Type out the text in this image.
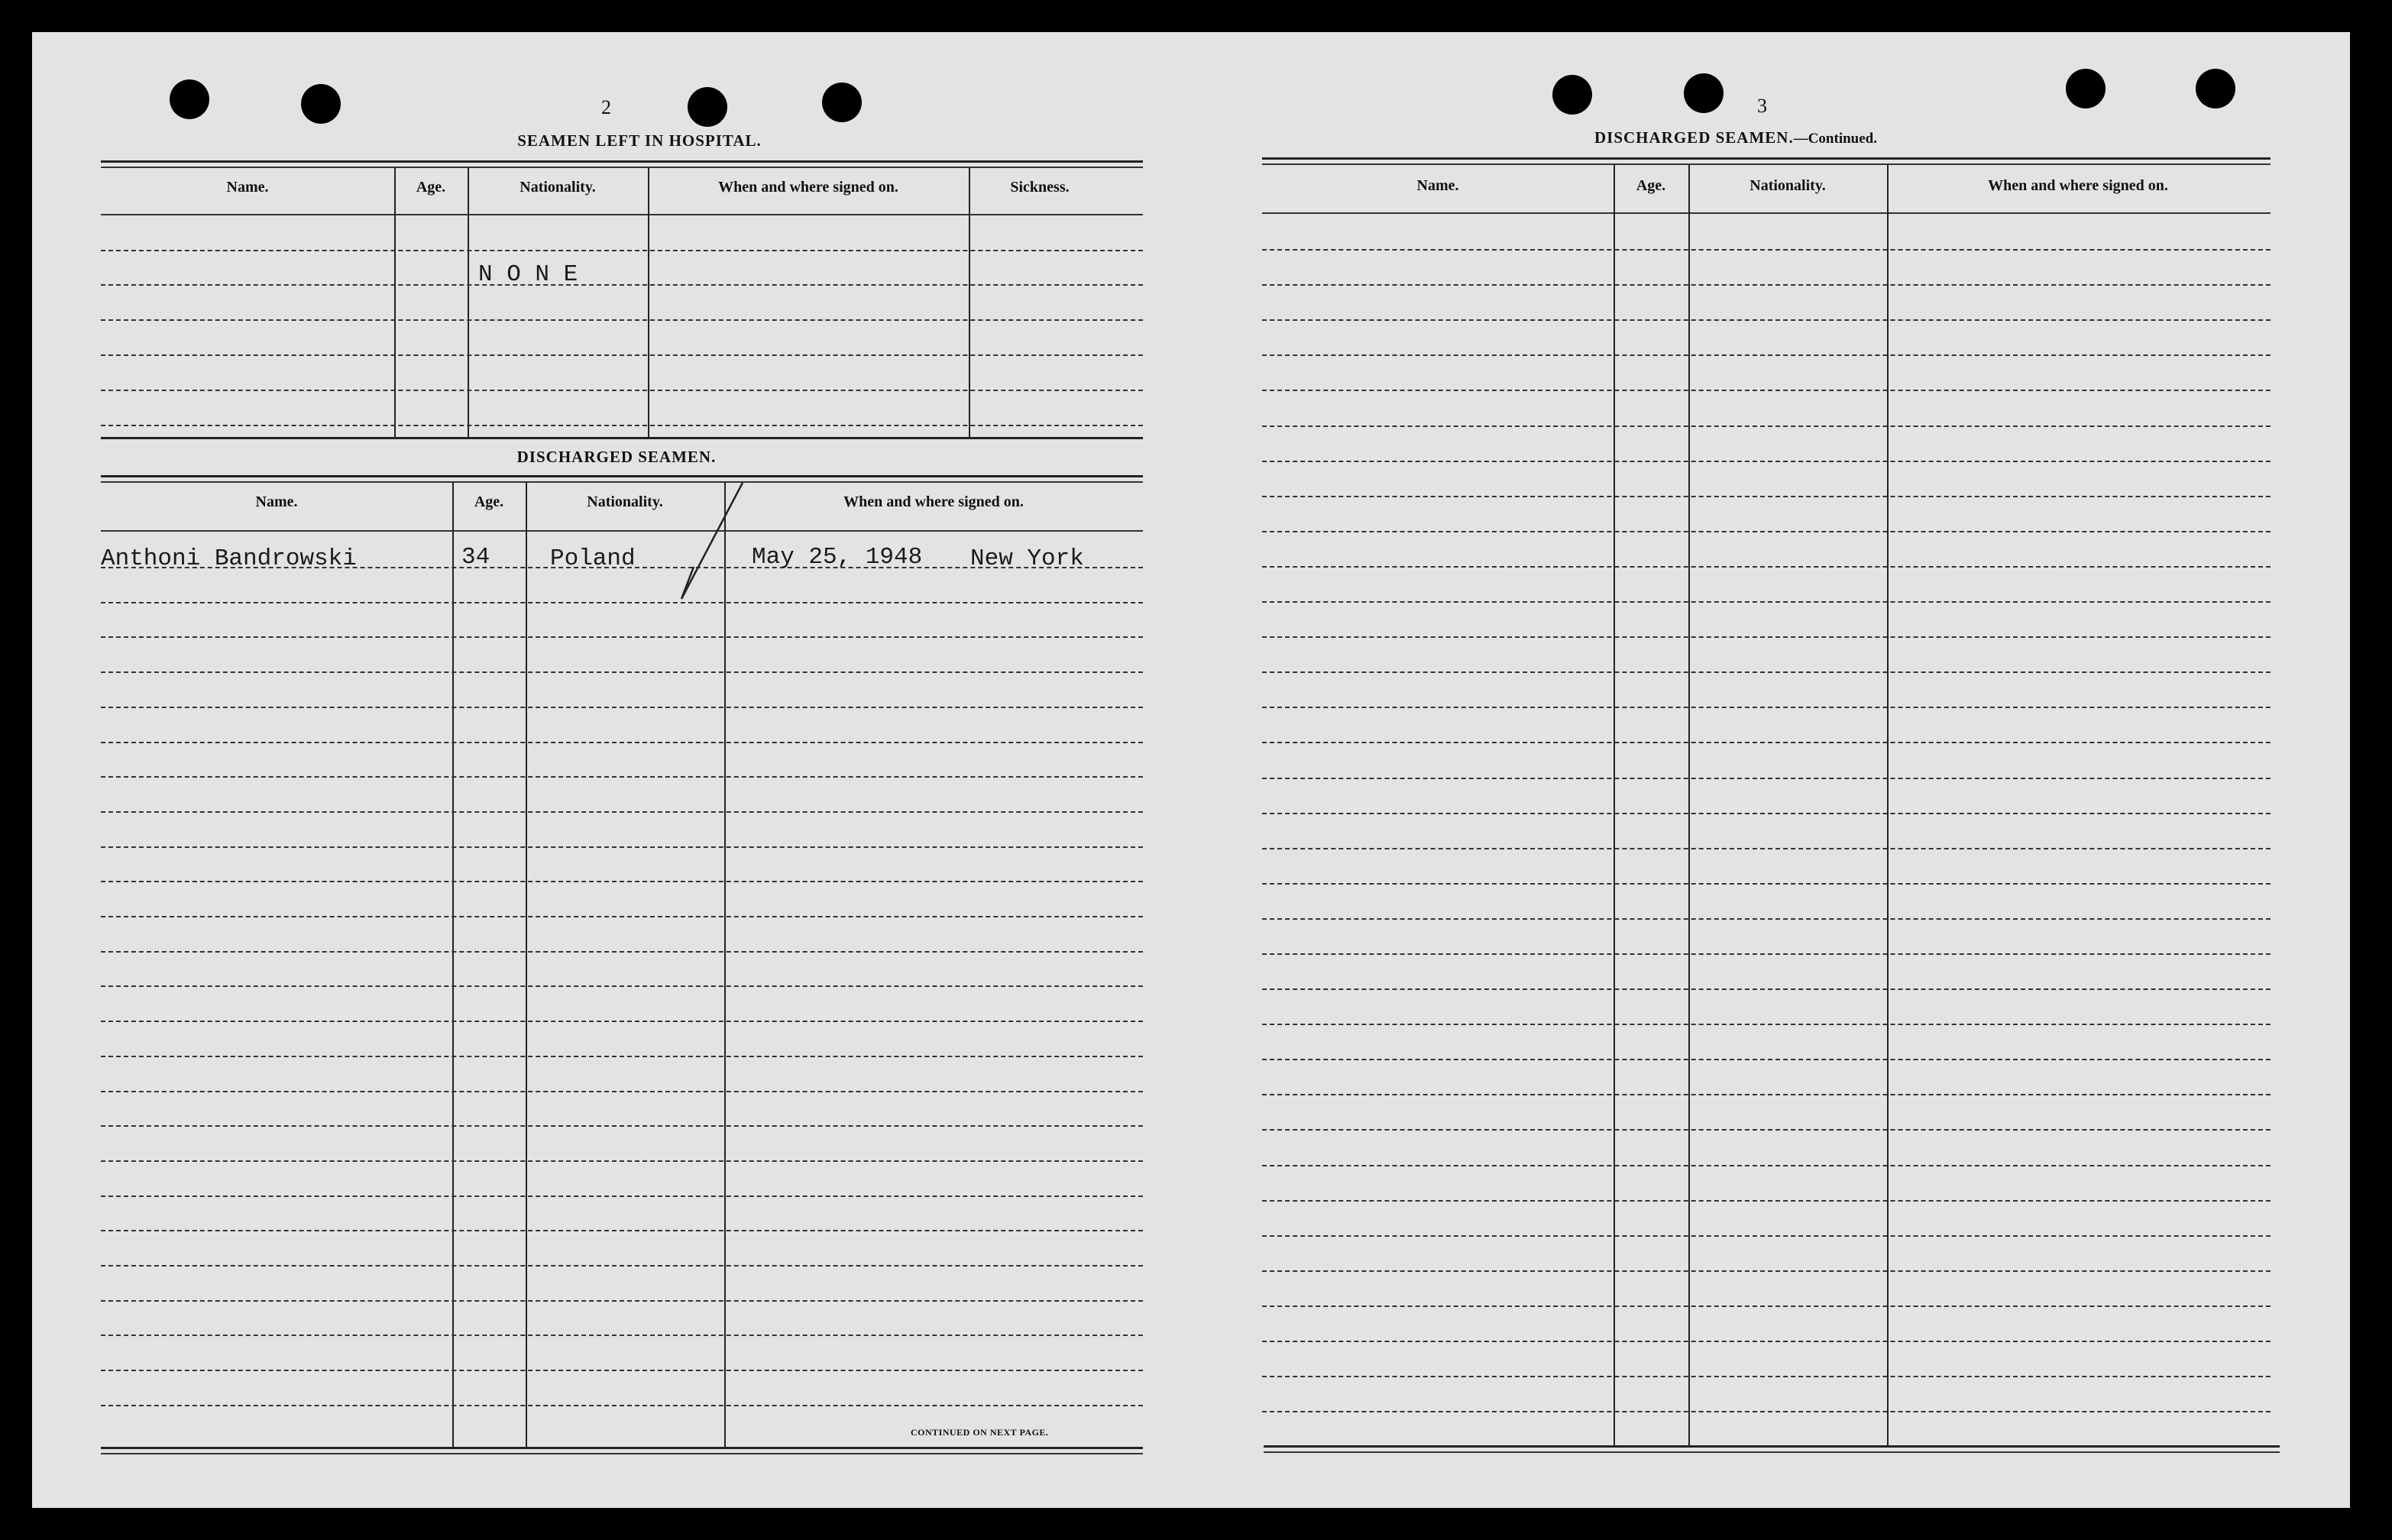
2
SEAMEN LEFT IN HOSPITAL.
Name.	Age.	Nationality.	When and where signed on.	Sickness.
N O N E
DISCHARGED SEAMEN.
Name.	Age.	Nationality.	When and where signed on.
Anthoni Bandrowski	34	Poland	May 25, 1948 New York
CONTINUED ON NEXT PAGE.
3
DISCHARGED SEAMEN.—Continued.
Name.	Age.	Nationality.	When and where signed on.
